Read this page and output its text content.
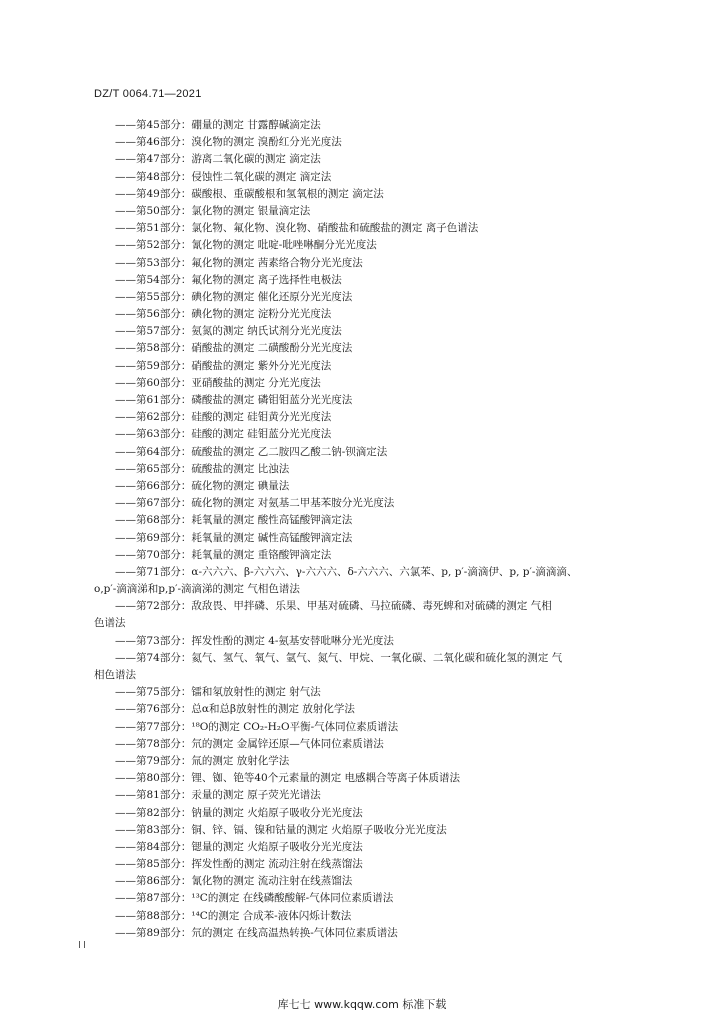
DZ/T 0064.71—2021
——第45部分：硼量的测定 甘露醇碱滴定法
——第46部分：溴化物的测定 溴酚红分光光度法
——第47部分：游离二氧化碳的测定 滴定法
——第48部分：侵蚀性二氧化碳的测定 滴定法
——第49部分：碳酸根、重碳酸根和氢氧根的测定 滴定法
——第50部分：氯化物的测定 银量滴定法
——第51部分：氯化物、氟化物、溴化物、硝酸盐和硫酸盐的测定 离子色谱法
——第52部分：氰化物的测定 吡啶-吡唑啉酮分光光度法
——第53部分：氟化物的测定 茜素络合物分光光度法
——第54部分：氟化物的测定 离子选择性电极法
——第55部分：碘化物的测定 催化还原分光光度法
——第56部分：碘化物的测定 淀粉分光光度法
——第57部分：氨氮的测定 纳氏试剂分光光度法
——第58部分：硝酸盐的测定 二磺酸酚分光光度法
——第59部分：硝酸盐的测定 紫外分光光度法
——第60部分：亚硝酸盐的测定 分光光度法
——第61部分：磷酸盐的测定 磷钼钼蓝分光光度法
——第62部分：硅酸的测定 硅钼黄分光光度法
——第63部分：硅酸的测定 硅钼蓝分光光度法
——第64部分：硫酸盐的测定 乙二胺四乙酸二钠-钡滴定法
——第65部分：硫酸盐的测定 比浊法
——第66部分：硫化物的测定 碘量法
——第67部分：硫化物的测定 对氨基二甲基苯胺分光光度法
——第68部分：耗氧量的测定 酸性高锰酸钾滴定法
——第69部分：耗氧量的测定 碱性高锰酸钾滴定法
——第70部分：耗氧量的测定 重铬酸钾滴定法
——第71部分：α-六六六、β-六六六、γ-六六六、δ-六六六、六氯苯、p, p′-滴滴伊、p, p′-滴滴滴、
o,p′-滴滴涕和p,p′-滴滴涕的测定 气相色谱法
——第72部分：敌敌畏、甲拌磷、乐果、甲基对硫磷、马拉硫磷、毒死蜱和对硫磷的测定 气相
色谱法
——第73部分：挥发性酚的测定 4-氨基安替吡啉分光光度法
——第74部分：氦气、氢气、氧气、氩气、氮气、甲烷、一氧化碳、二氧化碳和硫化氢的测定 气
相色谱法
——第75部分：镭和氡放射性的测定 射气法
——第76部分：总α和总β放射性的测定 放射化学法
——第77部分：¹⁸O的测定 CO₂-H₂O平衡-气体同位素质谱法
——第78部分：氘的测定 金属锌还原—气体同位素质谱法
——第79部分：氚的测定 放射化学法
——第80部分：锂、铷、铯等40个元素量的测定 电感耦合等离子体质谱法
——第81部分：汞量的测定 原子荧光光谱法
——第82部分：钠量的测定 火焰原子吸收分光光度法
——第83部分：铜、锌、镉、镍和钴量的测定 火焰原子吸收分光光度法
——第84部分：锶量的测定 火焰原子吸收分光光度法
——第85部分：挥发性酚的测定 流动注射在线蒸馏法
——第86部分：氰化物的测定 流动注射在线蒸馏法
——第87部分：¹³C的测定 在线磷酸酸解-气体同位素质谱法
——第88部分：¹⁴C的测定 合成苯-液体闪烁计数法
——第89部分：氘的测定 在线高温热转换-气体同位素质谱法
II
库七七 www.kqqw.com 标准下载
